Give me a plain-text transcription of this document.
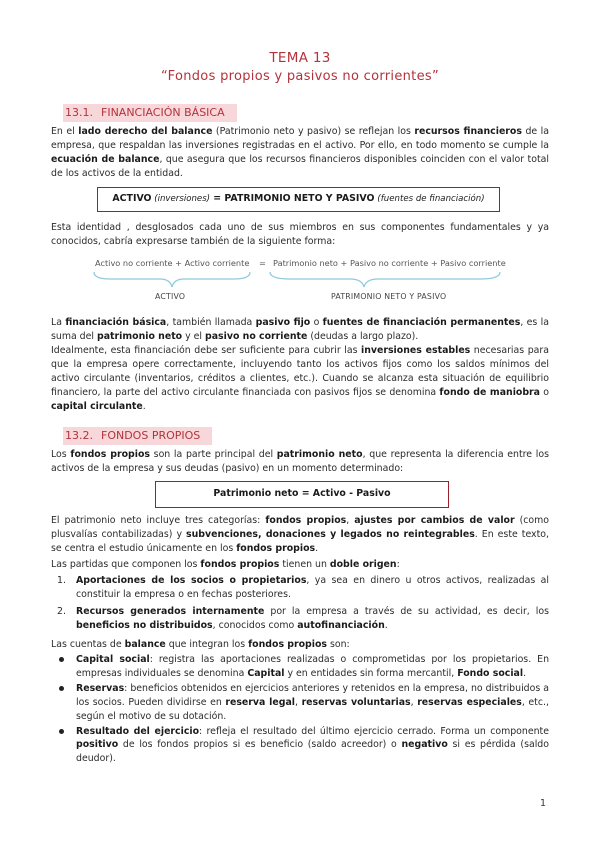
TEMA 13
“Fondos propios y pasivos no corrientes”
13.1. FINANCIACIÓN BÁSICA

En el lado derecho del balance (Patrimonio neto y pasivo) se reflejan los recursos financieros de la empresa, que respaldan las inversiones registradas en el activo. Por ello, en todo momento se cumple la ecuación de balance, que asegura que los recursos financieros disponibles coinciden con el valor total de los activos de la entidad.

ACTIVO (inversiones) = PATRIMONIO NETO Y PASIVO (fuentes de financiación)

Esta identidad , desglosados cada uno de sus miembros en sus componentes fundamentales y ya conocidos, cabría expresarse también de la siguiente forma:

Activo no corriente + Activo corriente = Patrimonio neto + Pasivo no corriente + Pasivo corriente
ACTIVO	PATRIMONIO NETO Y PASIVO

La financiación básica, también llamada pasivo fijo o fuentes de financiación permanentes, es la suma del patrimonio neto y el pasivo no corriente (deudas a largo plazo).

Idealmente, esta financiación debe ser suficiente para cubrir las inversiones estables necesarias para que la empresa opere correctamente, incluyendo tanto los activos fijos como los saldos mínimos del activo circulante (inventarios, créditos a clientes, etc.). Cuando se alcanza esta situación de equilibrio financiero, la parte del activo circulante financiada con pasivos fijos se denomina fondo de maniobra o capital circulante.

13.2. FONDOS PROPIOS

Los fondos propios son la parte principal del patrimonio neto, que representa la diferencia entre los activos de la empresa y sus deudas (pasivo) en un momento determinado:

Patrimonio neto = Activo - Pasivo

El patrimonio neto incluye tres categorías: fondos propios, ajustes por cambios de valor (como plusvalías contabilizadas) y subvenciones, donaciones y legados no reintegrables. En este texto, se centra el estudio únicamente en los fondos propios.

Las partidas que componen los fondos propios tienen un doble origen:

1. Aportaciones de los socios o propietarios, ya sea en dinero u otros activos, realizadas al constituir la empresa o en fechas posteriores.
2. Recursos generados internamente por la empresa a través de su actividad, es decir, los beneficios no distribuidos, conocidos como autofinanciación.

Las cuentas de balance que integran los fondos propios son:

Capital social: registra las aportaciones realizadas o comprometidas por los propietarios. En empresas individuales se denomina Capital y en entidades sin forma mercantil, Fondo social.
Reservas: beneficios obtenidos en ejercicios anteriores y retenidos en la empresa, no distribuidos a los socios. Pueden dividirse en reserva legal, reservas voluntarias, reservas especiales, etc., según el motivo de su dotación.
Resultado del ejercicio: refleja el resultado del último ejercicio cerrado. Forma un componente positivo de los fondos propios si es beneficio (saldo acreedor) o negativo si es pérdida (saldo deudor).
1
